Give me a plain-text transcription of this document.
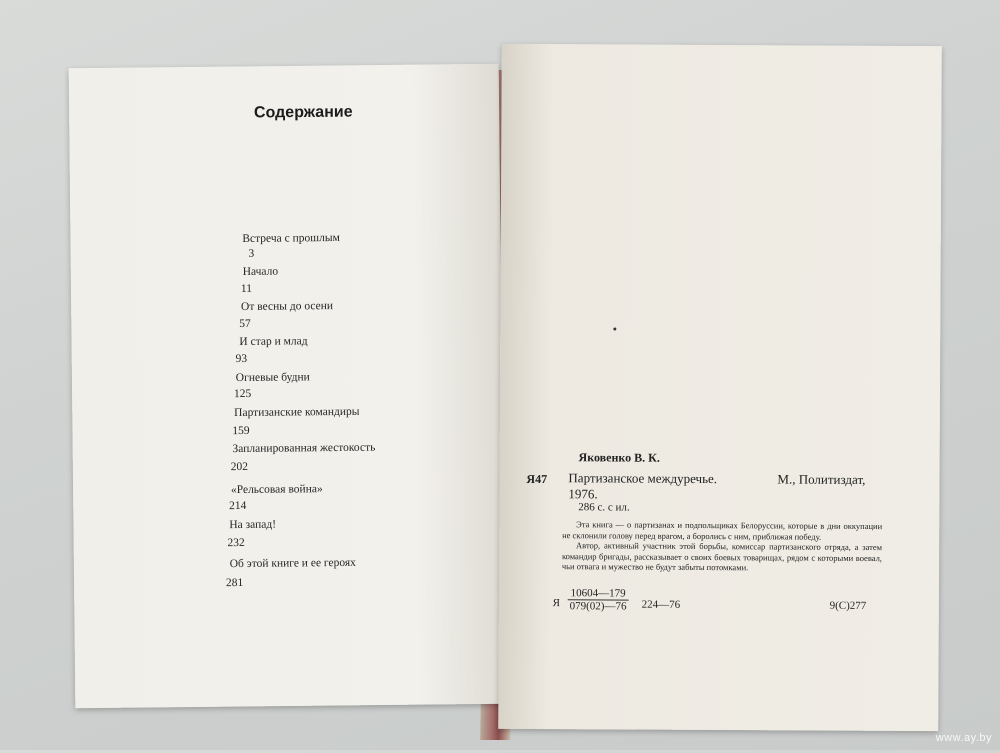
Содержание
Встреча с прошлым
3
Начало
11
От весны до осени
57
И стар и млад
93
Огневые будни
125
Партизанские командиры
159
Запланированная жестокость
202
«Рельсовая война»
214
На запад!
232
Об этой книге и ее героях
281
Яковенко В. К.
Я47 Партизанское междуречье.	М., Политиздат,
1976.
286 с. с ил.

Эта книга — о партизанах и подпольщиках Белоруссии, которые в дни оккупации не склонили голову перед врагом, а боролись с ним, приближая победу.

Автор, активный участник этой борьбы, комиссар партизанского отряда, а затем командир бригады, рассказывает о своих боевых товарищах, рядом с которыми воевал, чьи отвага и мужество не будут забыты потомками.

Я $\frac{10604—179}{079(02)—76}$ 224—76	9(С)277
www.ay.by
